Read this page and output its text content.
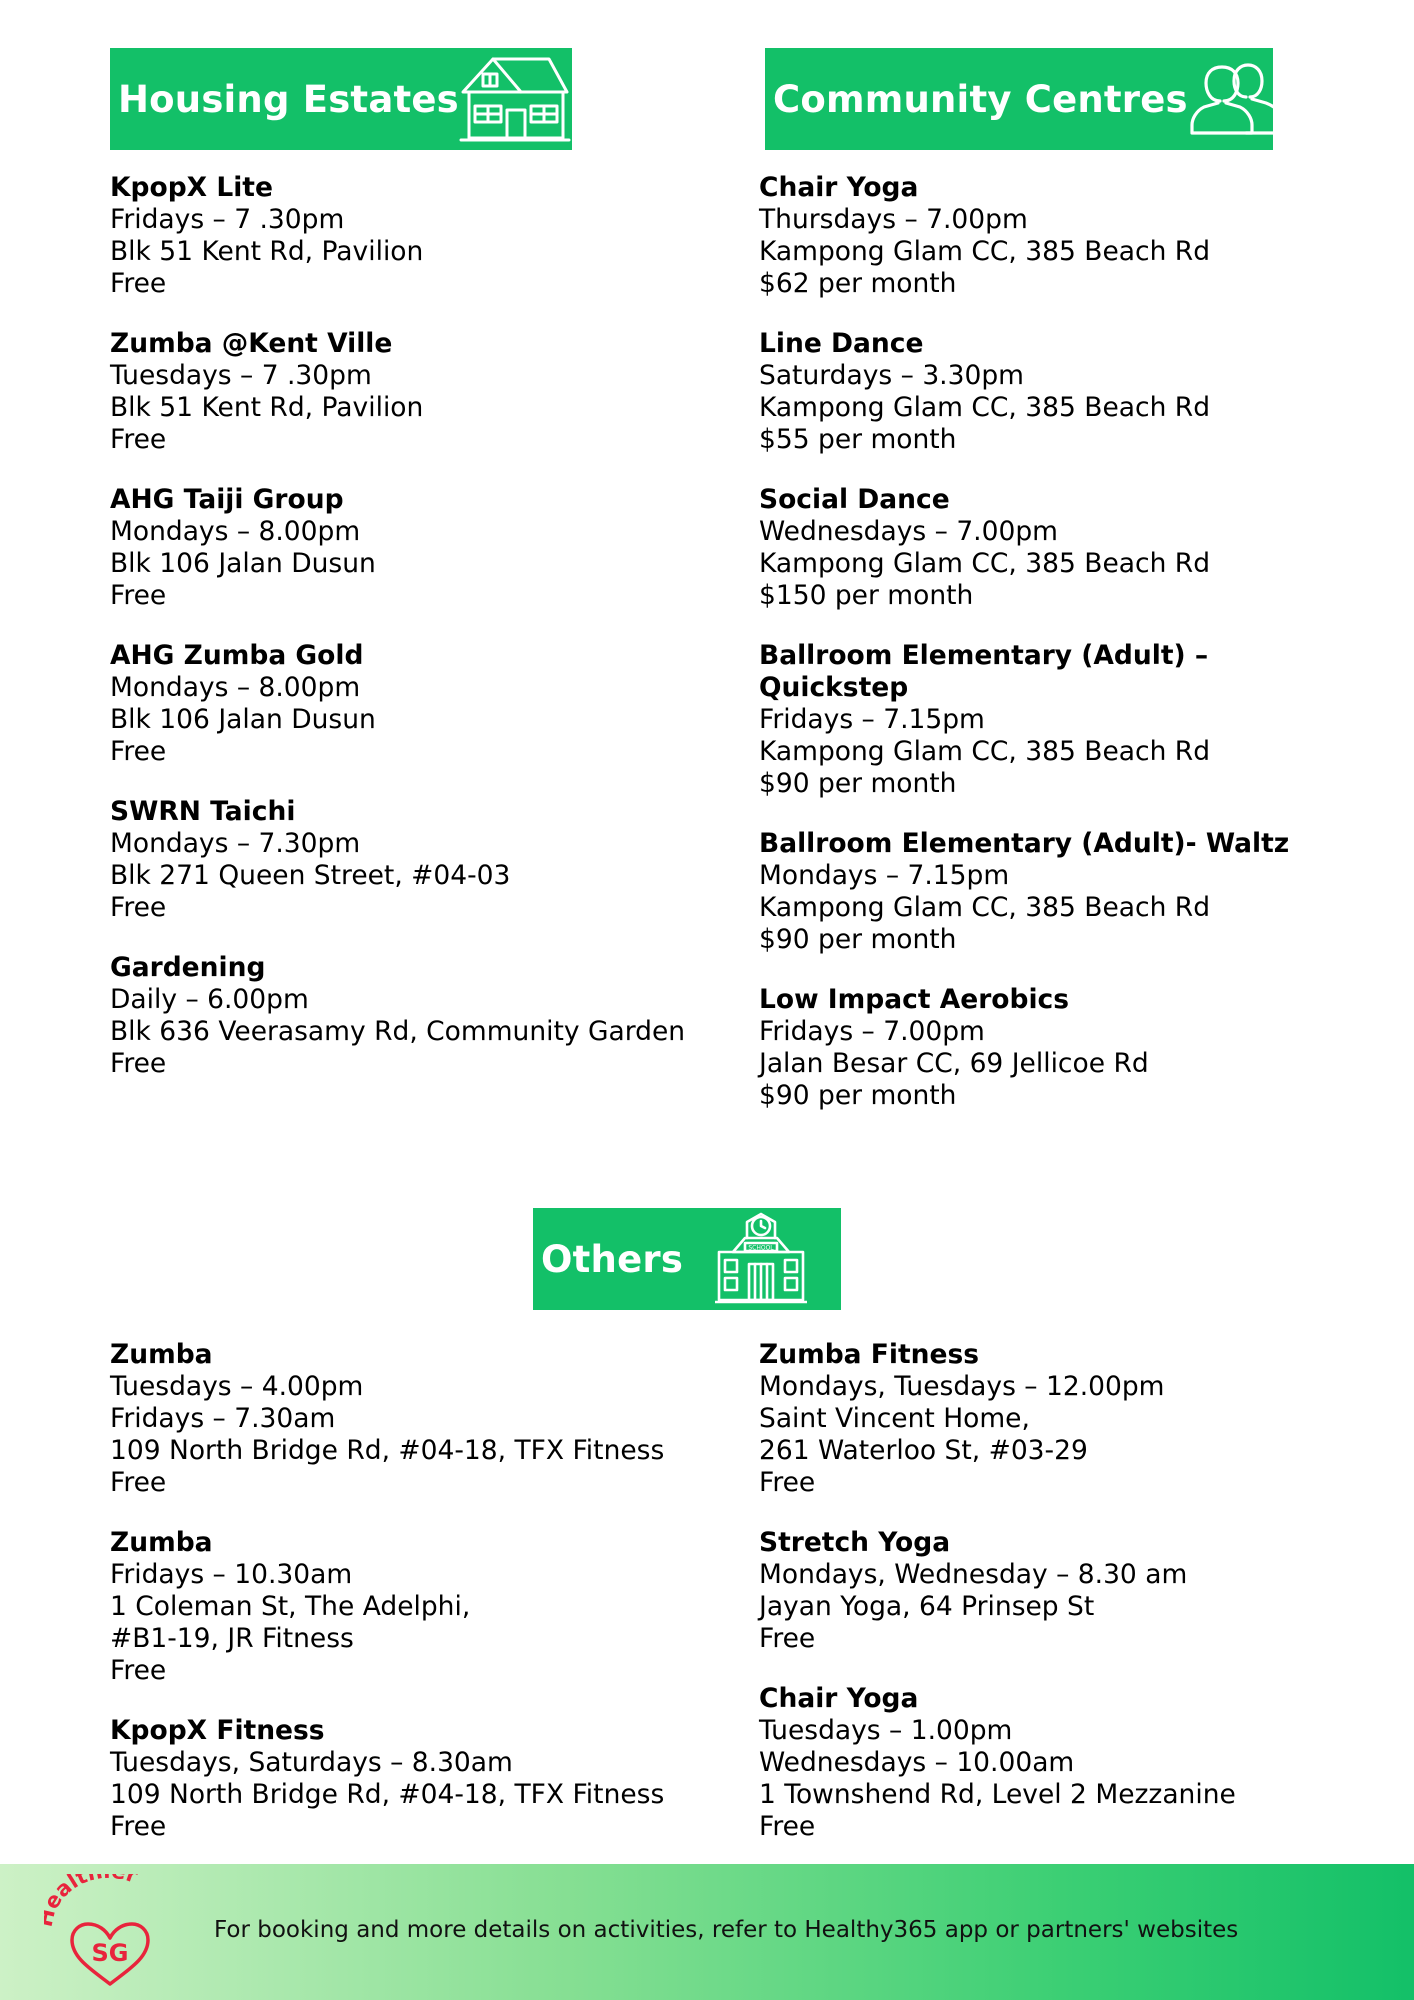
Housing Estates	Community Centres
KpopX Lite
Fridays – 7 .30pm
Blk 51 Kent Rd, Pavilion
Free
Zumba @Kent Ville
Tuesdays – 7 .30pm
Blk 51 Kent Rd, Pavilion
Free
AHG Taiji Group
Mondays – 8.00pm
Blk 106 Jalan Dusun
Free
AHG Zumba Gold
Mondays – 8.00pm
Blk 106 Jalan Dusun
Free
SWRN Taichi
Mondays – 7.30pm
Blk 271 Queen Street, #04-03
Free
Gardening
Daily – 6.00pm
Blk 636 Veerasamy Rd, Community Garden
Free
Chair Yoga
Thursdays – 7.00pm
Kampong Glam CC, 385 Beach Rd
$62 per month
Line Dance
Saturdays – 3.30pm
Kampong Glam CC, 385 Beach Rd
$55 per month
Social Dance
Wednesdays – 7.00pm
Kampong Glam CC, 385 Beach Rd
$150 per month
Ballroom Elementary (Adult) –
Quickstep
Fridays – 7.15pm
Kampong Glam CC, 385 Beach Rd
$90 per month
Ballroom Elementary (Adult)- Waltz
Mondays – 7.15pm
Kampong Glam CC, 385 Beach Rd
$90 per month
Low Impact Aerobics
Fridays – 7.00pm
Jalan Besar CC, 69 Jellicoe Rd
$90 per month
Others	SCHOOL
Zumba
Tuesdays – 4.00pm
Fridays – 7.30am
109 North Bridge Rd, #04-18, TFX Fitness
Free
Zumba
Fridays – 10.30am
1 Coleman St, The Adelphi,
#B1-19, JR Fitness
Free
KpopX Fitness
Tuesdays, Saturdays – 8.30am
109 North Bridge Rd, #04-18, TFX Fitness
Free
Zumba Fitness
Mondays, Tuesdays – 12.00pm
Saint Vincent Home,
261 Waterloo St, #03-29
Free
Stretch Yoga
Mondays, Wednesday – 8.30 am
Jayan Yoga, 64 Prinsep St
Free
Chair Yoga
Tuesdays – 1.00pm
Wednesdays – 10.00am
1 Townshend Rd, Level 2 Mezzanine
Free
alt r
SG
For booking and more details on activities, refer to Healthy365 app or partners' websites
